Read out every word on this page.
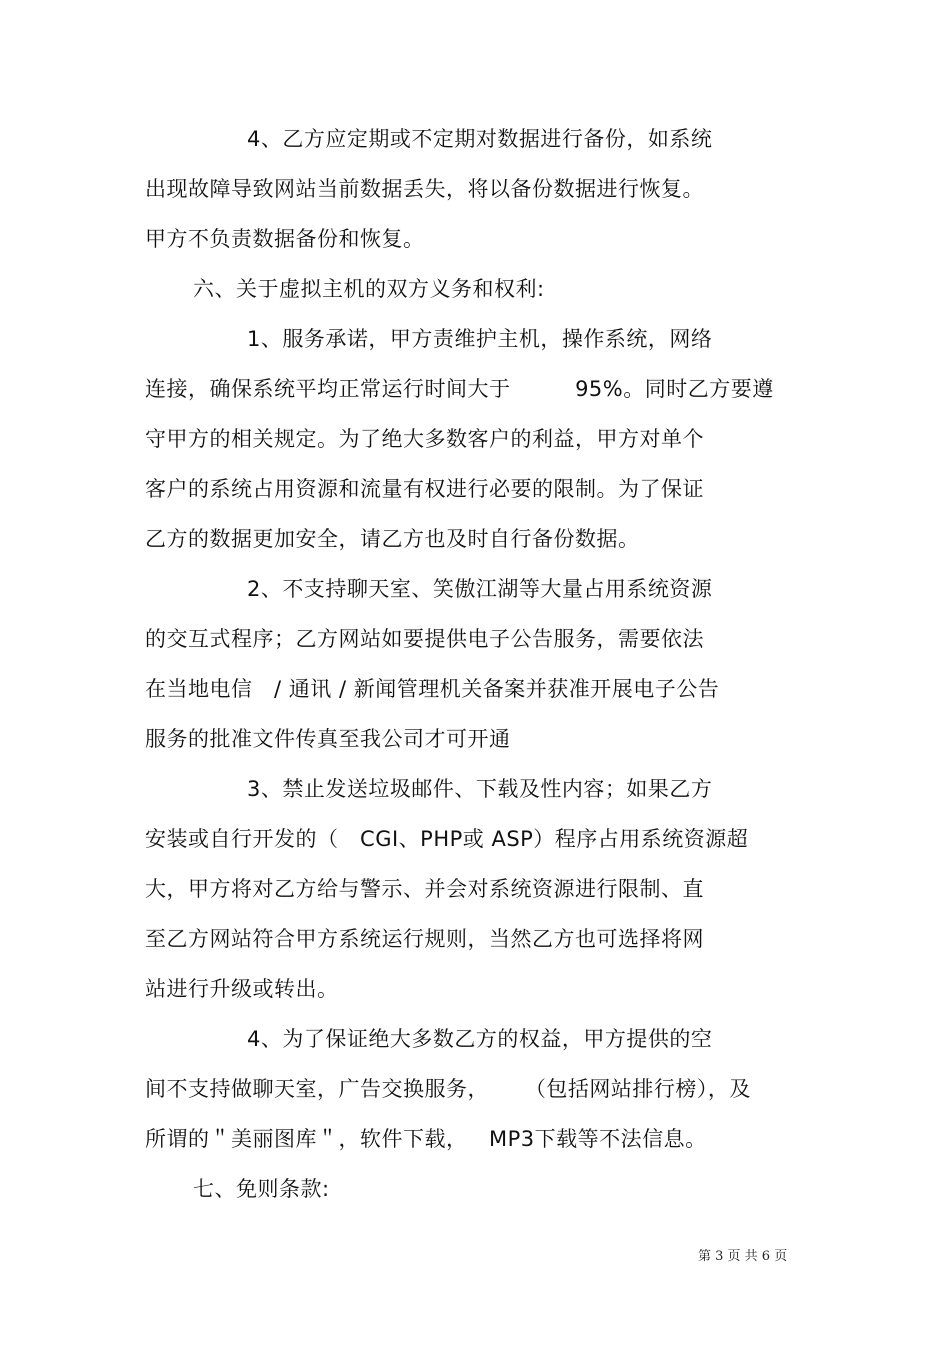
4、乙方应定期或不定期对数据进行备份，如系统
出现故障导致网站当前数据丢失，将以备份数据进行恢复。
甲方不负责数据备份和恢复。
六、关于虚拟主机的双方义务和权利:
1、服务承诺，甲方责维护主机，操作系统，网络
连接，确保系统平均正常运行时间大于         95%。同时乙方要遵
守甲方的相关规定。为了绝大多数客户的利益，甲方对单个
客户的系统占用资源和流量有权进行必要的限制。为了保证
乙方的数据更加安全，请乙方也及时自行备份数据。
2、不支持聊天室、笑傲江湖等大量占用系统资源
的交互式程序；乙方网站如要提供电子公告服务，需要依法
在当地电信   / 通讯 / 新闻管理机关备案并获准开展电子公告
服务的批准文件传真至我公司才可开通
3、禁止发送垃圾邮件、下载及性内容；如果乙方
安装或自行开发的（   CGI、PHP或 ASP）程序占用系统资源超
大，甲方将对乙方给与警示、并会对系统资源进行限制、直
至乙方网站符合甲方系统运行规则，当然乙方也可选择将网
站进行升级或转出。
4、为了保证绝大多数乙方的权益，甲方提供的空
间不支持做聊天室，广告交换服务，     （包括网站排行榜），及
所谓的＂美丽图库＂，软件下载，   MP3下载等不法信息。
七、免则条款:
第 3 页 共 6 页
